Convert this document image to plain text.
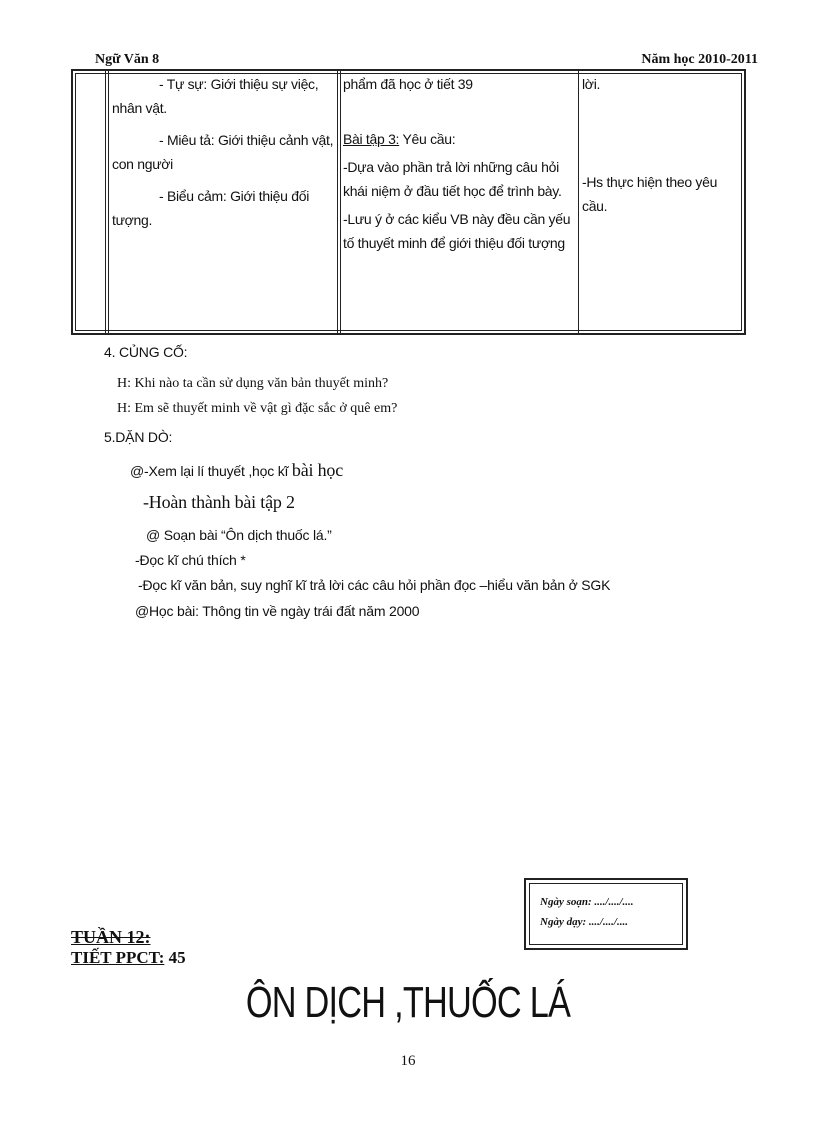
Ngữ Văn 8	Năm học 2010-2011
- Tự sự: Giới thiệu sự việc, nhân vật.
- Miêu tả: Giới thiệu cảnh vật, con người
- Biểu cảm: Giới thiệu đối tượng.
phẩm đã học ở tiết 39
Bài tập 3: Yêu cầu:
-Dựa vào phần trả lời những câu hỏi khái niệm ở đầu tiết học để trình bày.
-Lưu ý ở các kiểu VB này đều cần yếu tố thuyết minh để giới thiệu đối tượng
lời.
-Hs thực hiện theo yêu cầu.
4. CỦNG CỐ:
H: Khi nào ta cần sử dụng văn bản thuyết minh?
H: Em sẽ thuyết minh về vật gì đặc sắc ở quê em?
5.DẶN DÒ:
@-Xem lại lí thuyết ,học kĩ bài học
-Hoàn thành bài tập 2
@ Soạn bài “Ôn dịch thuốc lá.”
-Đọc kĩ chú thích *
-Đọc kĩ văn bản, suy nghĩ kĩ trả lời các câu hỏi phần đọc –hiểu văn bản ở SGK
@Học bài: Thông tin về ngày trái đất năm 2000
Ngày soạn: ..../..../....
Ngày dạy: ..../..../....
TUẦN 12:
TIẾT PPCT: 45
ÔN DỊCH ,THUỐC LÁ
16
